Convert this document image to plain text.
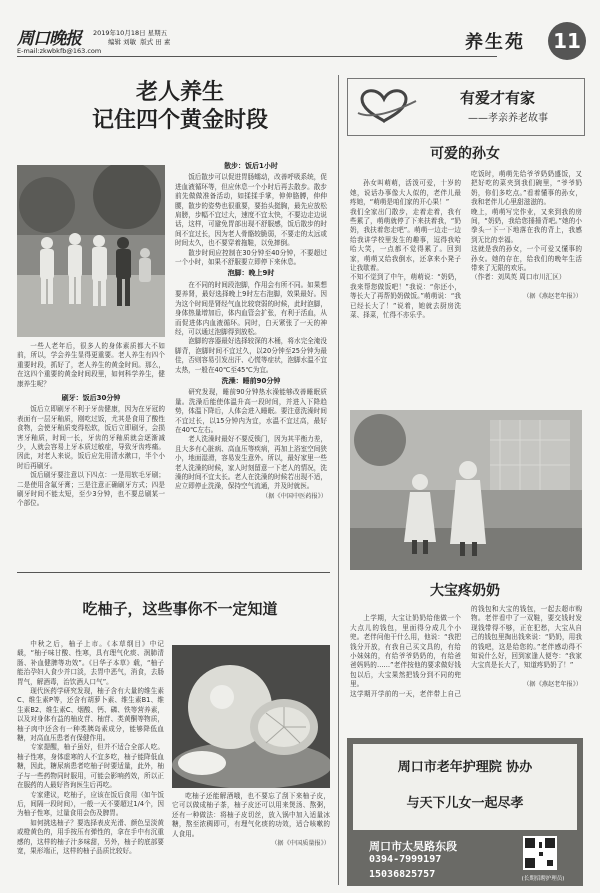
周口晚报 2019年10月18日 星期五
编辑 刘敏 版式 田 素
E-mail:zkwbkfb@163.com	养生苑 11
老人养生
记住四个黄金时段

一些人老年后，很多人的身体素质都大不如前，所以，学会养生显得更重要。老人养生有四个重要时段，抓好了，老人养生的黄金时间。那么，在这四个重要的黄金时间段里，如何科学养生，健康养生呢？

刷牙：饭后30分钟

饭后立即刷牙不利于牙齿健康，因为在牙冠的表面有一层牙釉质，刚吃过饭，尤其是食用了酸性食物，会使牙釉质变得松软，饭后立即刷牙，会损害牙釉质，时间一长，牙齿的牙釉质就会逐渐减少，人就会容易上牙本质过敏症，导致牙齿疼痛。因此，对老人来说，饭后应先用清水漱口，半个小时后再刷牙。

饭后刷牙要注意以下四点：一是用软毛牙刷；二是使用含氟牙膏；三是注意正确刷牙方式；四是刷牙时间不能太短，至少3分钟，也不要总刷某一个部位。

散步：饭后1小时

饭后散步可以促进胃肠蠕动，改善呼吸系统，促进血液循环等，但应休息一个小时后再去散步。散步前先做做准备活动，如揉揉手掌，伸伸胳膊，伸伸腰，散步的姿势也很重要，要抬头挺胸，最先应放松肩膀，步幅不宜过大，速度不宜太快，不要边走边说话，这样，可避免胃部出现不舒服感，饭后散步的时间不宜过长，因为老人骨骼较脆弱，不要走的太远或时间太久，也不要穿着拖鞋，以免摔倒。

散步时间应控制在30分钟至40分钟，不要超过一个小时，如果不舒服要立即停下来休息。

泡脚：晚上9时

在不同的时间段泡脚，作用会有所不同。如果想要养肾，最好选择晚上9时左右泡脚，效果最好。因为这个时间是肾经气血比较衰弱的时候，此时泡脚，身体热量增加后，体内血管会扩张，有利于活血，从而促进体内血液循环。同时，白天紧张了一天的神经，可以通过泡脚得到放松。

泡脚的容器最好选择较深的木桶，将水完全淹没脚背，泡脚时间不宜过久，以20分钟至25分钟为最佳，否则容易引发出汗、心慌等症状，泡脚水温不宜太热，一般在40℃至45℃为宜。

洗澡：睡前90分钟

研究发现，睡前90分钟热水澡能够改善睡眠质量。洗澡后能使体温升高一段时间，并进入下降趋势，体温下降后，人体会进入睡眠。要注意洗澡时间不宜过长，以15分钟内为宜，水温不宜过高，最好在40℃左右。

老人洗澡时最好不要反锁门，因为其平衡力差，且大多有心脏病、高血压等疾病，再加上浴室空间狭小，地面湿滑，容易发生意外。所以，最好家里一些老人洗澡的时候，家人时刻留意一下老人的情况，洗澡的时间不宜太长。老人在洗澡的时候若出现不适，应立即停止洗澡，保持空气流通，并及时就医。

（据《中国中医药报》）
吃柚子，这些事你不一定知道

中秋之后，柚子上市。《本草纲目》中记载，“柚子味甘酸、性寒，具有理气化痰、润肺清肠、补血健脾等功效”。《日华子本草》载，“柚子能治孕妇人食少并口淡，去胃中恶气，消食，去肠胃气，解酒毒，治饮酒人口气”。

现代医药学研究发现，柚子含有大量的维生素C、维生素P等，还含有胡萝卜素、维生素B1、维生素B2、维生素C、烟酸、钙、磷、铁等营养素，以及对身体有益的柚皮苷、柚苷、类黄酮等物质，柚子肉中还含有一种类胰岛素成分，能够降低血糖，对高血压患者有保健作用。

专家提醒，柚子虽好，但并不适合全部人吃。柚子性寒，身体虚寒的人不宜多吃，柚子能降低血糖，因此，糖尿病患者吃柚子时要适量，此外，柚子与一些药物同时服用，可能会影响药效，所以正在服药的人最好咨询医生后再吃。

专家建议，吃柚子，应该在饭后食用（如午饭后，间隔一段时间），一般一天不要超过1/4个，因为柚子性寒，过量食用会伤及脾胃。

如何挑选柚子？要选择表皮光滑、颜色呈淡黄或橙黄色的，用手按压有弹性的，拿在手中有沉重感的，这样的柚子汁多味甜，另外，柚子的底部要宽，果形端正，这样的柚子品质比较好。

吃柚子还能解酒哦，也不要忘了刮下来柚子皮，它可以做成柚子茶，柚子皮还可以用来煲汤、熬粥，还有一种做法：将柚子皮切丝，放入锅中加入适量冰糖，熬至浓稠即可，有理气化痰的功效，适合咳嗽的人食用。

（据《中国质量报》）
有爱才有家
——孝亲养老故事
可爱的孙女

孙女叫萌萌，活泼可爱，十岁的她，说话办事像大人似的，老伴儿最疼她，“萌萌是咱们家的开心果！”
我们全家出门散步，走着走着，我有些累了，萌萌就停了下来扶着我，“奶奶，我扶着您走吧”。萌萌一边走一边给我讲学校里发生的趣事，逗得我哈哈大笑，一点都不觉得累了。回到家，萌萌又给我倒水，还拿来小凳子让我歇着。
不知不觉到了中午，萌萌说：“奶奶，我来帮您做饭吧！”我说：“你还小，等长大了再帮奶奶做饭。”萌萌说：“我已经长大了！”说着，她就去厨房洗菜、择菜，忙得不亦乐乎。
吃饭时，萌萌先给爷爷奶奶盛饭，又把好吃的菜夹到我们碗里，“爷爷奶奶，你们多吃点。”看着懂事的孙女，我和老伴儿心里甜滋滋的。
晚上，萌萌写完作业，又来到我的房间，“奶奶，我给您捶捶背吧。”她的小拳头一下一下地落在我的背上，我感到无比的幸福。
这就是我的孙女，一个可爱又懂事的孙女。她的存在，给我们的晚年生活带来了无限的欢乐。
（作者：刘凤英 周口市川汇区）

（据《燕赵老年报》）

大宝疼奶奶

上学期，大宝让奶奶给他做一个大点儿的钱包，里面得分成几个小兜。老伴问他干什么用，他说：“我把钱分开放，有我自己买文具的，有给小妹妹的，有给爷爷奶奶的，有给爸爸妈妈的……”老伴按他的要求做好钱包以后，大宝果然把钱分到不同的兜里。
这学期开学前的一天，老伴带上自己的钱包和大宝的钱包，一起去超市购物。老伴看中了一双鞋，要交钱时发现钱带得不够，正在犯愁，大宝从自己的钱包里掏出钱来说：“奶奶，用我的钱吧，这是给您的。”老伴感动得不知说什么好，回到家逢人便夸：“我家大宝真是长大了，知道疼奶奶了！”

（据《燕赵老年报》）

周口市老年护理院 协办
与天下儿女一起尽孝
周口市太昊路东段
0394-7999197
15036825757	(长期招聘护理员)
